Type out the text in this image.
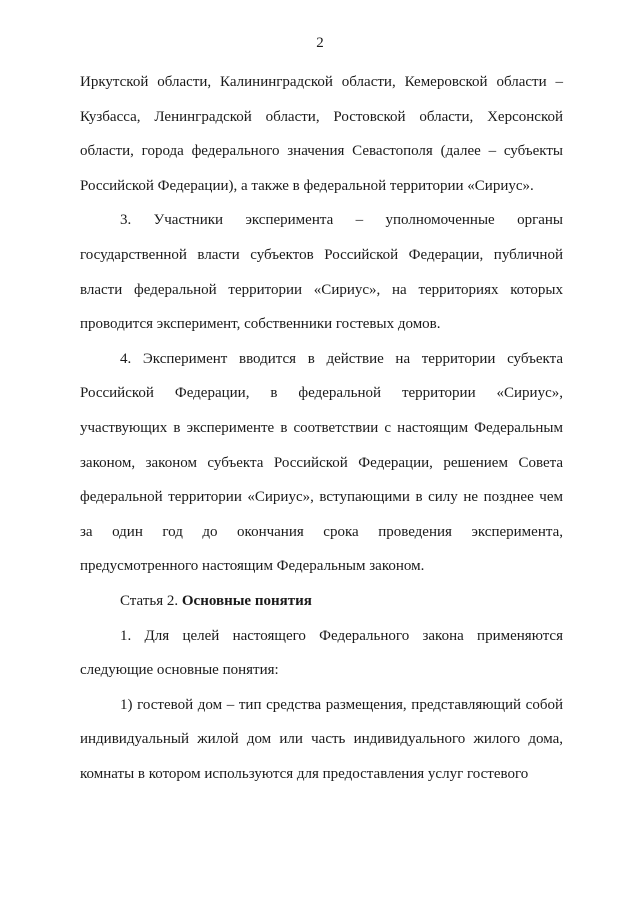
2

Иркутской области, Калининградской области, Кемеровской области – Кузбасса, Ленинградской области, Ростовской области, Херсонской области, города федерального значения Севастополя (далее – субъекты Российской Федерации), а также в федеральной территории «Сириус».

3. Участники эксперимента – уполномоченные органы государственной власти субъектов Российской Федерации, публичной власти федеральной территории «Сириус», на территориях которых проводится эксперимент, собственники гостевых домов.

4. Эксперимент вводится в действие на территории субъекта Российской Федерации, в федеральной территории «Сириус», участвующих в эксперименте в соответствии с настоящим Федеральным законом, законом субъекта Российской Федерации, решением Совета федеральной территории «Сириус», вступающими в силу не позднее чем за один год до окончания срока проведения эксперимента, предусмотренного настоящим Федеральным законом.

Статья 2. Основные понятия

1. Для целей настоящего Федерального закона применяются следующие основные понятия:

1) гостевой дом – тип средства размещения, представляющий собой индивидуальный жилой дом или часть индивидуального жилого дома, комнаты в котором используются для предоставления услуг гостевого
